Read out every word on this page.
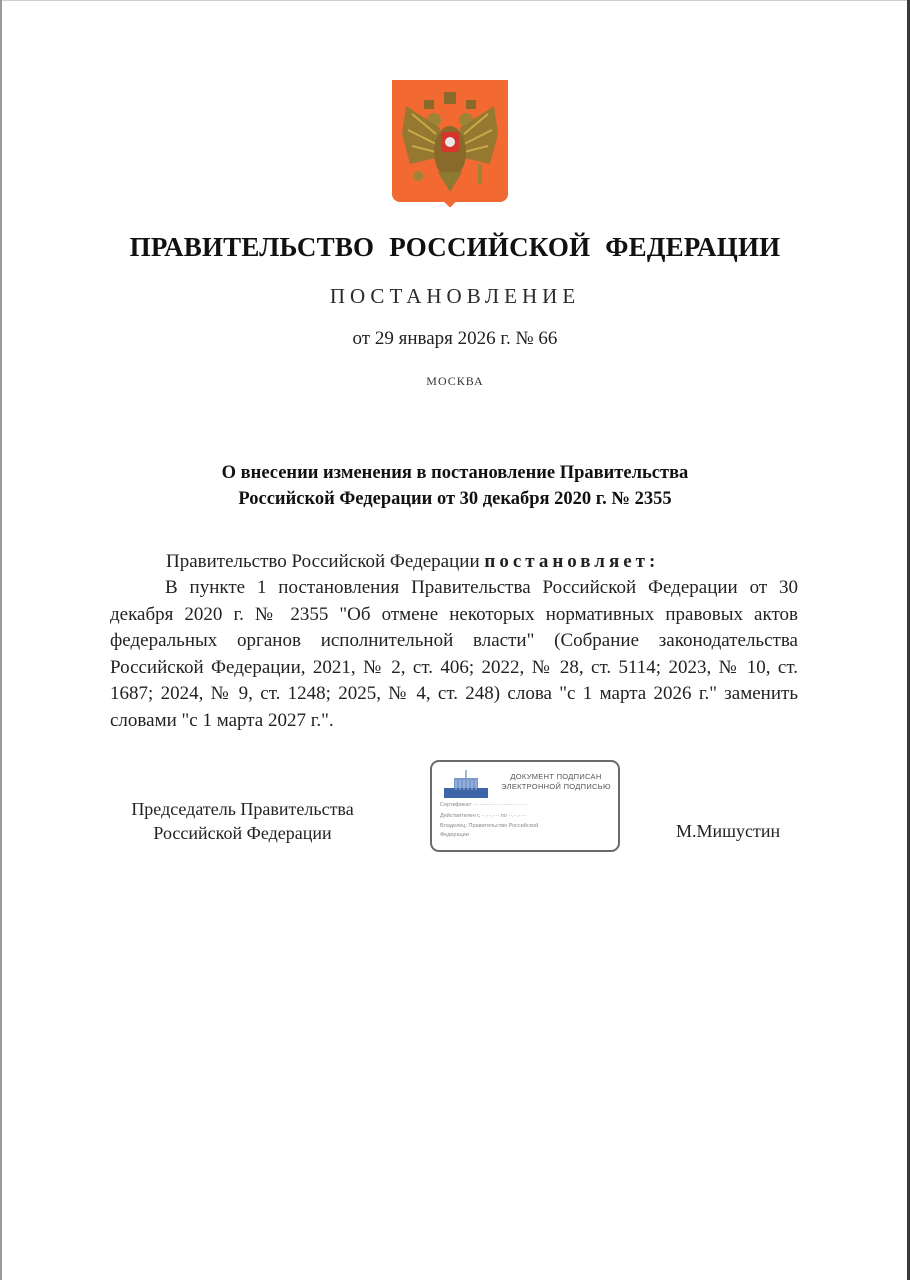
ПРАВИТЕЛЬСТВО РОССИЙСКОЙ ФЕДЕРАЦИИ
ПОСТАНОВЛЕНИЕ
от 29 января 2026 г. № 66
МОСКВА
О внесении изменения в постановление Правительства
Российской Федерации от 30 декабря 2020 г. № 2355
Правительство Российской Федерации постановляет:
В пункте 1 постановления Правительства Российской Федерации от 30 декабря 2020 г. № 2355 "Об отмене некоторых нормативных правовых актов федеральных органов исполнительной власти" (Собрание законодательства Российской Федерации, 2021, № 2, ст. 406; 2022, № 28, ст. 5114; 2023, № 10, ст. 1687; 2024, № 9, ст. 1248; 2025, № 4, ст. 248) слова "с 1 марта 2026 г." заменить словами "с 1 марта 2027 г.".
Председатель Правительства
Российской Федерации
ДОКУМЕНТ ПОДПИСАН
ЭЛЕКТРОННОЙ ПОДПИСЬЮ
Сертификат: ·····························
Действителен с ··.··.···· по ··.··.····
Владелец: Правительство Российской
Федерации	М.Мишустин
